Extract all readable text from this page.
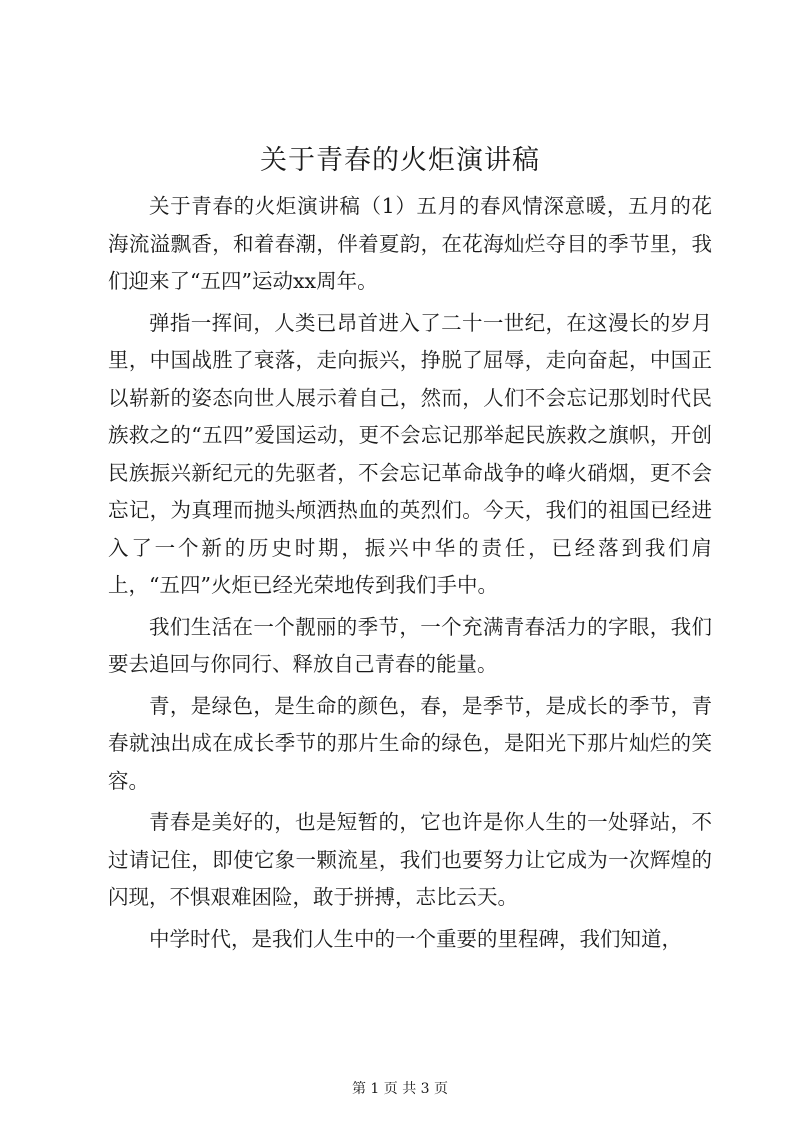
关于青春的火炬演讲稿

关于青春的火炬演讲稿（1）五月的春风情深意暖，五月的花海流溢飘香，和着春潮，伴着夏韵，在花海灿烂夺目的季节里，我们迎来了“五四”运动xx周年。

弹指一挥间，人类已昂首进入了二十一世纪，在这漫长的岁月里，中国战胜了衰落，走向振兴，挣脱了屈辱，走向奋起，中国正以崭新的姿态向世人展示着自己，然而，人们不会忘记那划时代民族救之的“五四”爱国运动，更不会忘记那举起民族救之旗帜，开创民族振兴新纪元的先驱者，不会忘记革命战争的峰火硝烟，更不会忘记，为真理而抛头颅洒热血的英烈们。今天，我们的祖国已经进入了一个新的历史时期，振兴中华的责任，已经落到我们肩上，“五四”火炬已经光荣地传到我们手中。

我们生活在一个靓丽的季节，一个充满青春活力的字眼，我们要去追回与你同行、释放自己青春的能量。

青，是绿色，是生命的颜色，春，是季节，是成长的季节，青春就浊出成在成长季节的那片生命的绿色，是阳光下那片灿烂的笑容。

青春是美好的，也是短暂的，它也许是你人生的一处驿站，不过请记住，即使它象一颗流星，我们也要努力让它成为一次辉煌的闪现，不惧艰难困险，敢于拼搏，志比云天。

中学时代，是我们人生中的一个重要的里程碑，我们知道，

第 1 页 共 3 页
